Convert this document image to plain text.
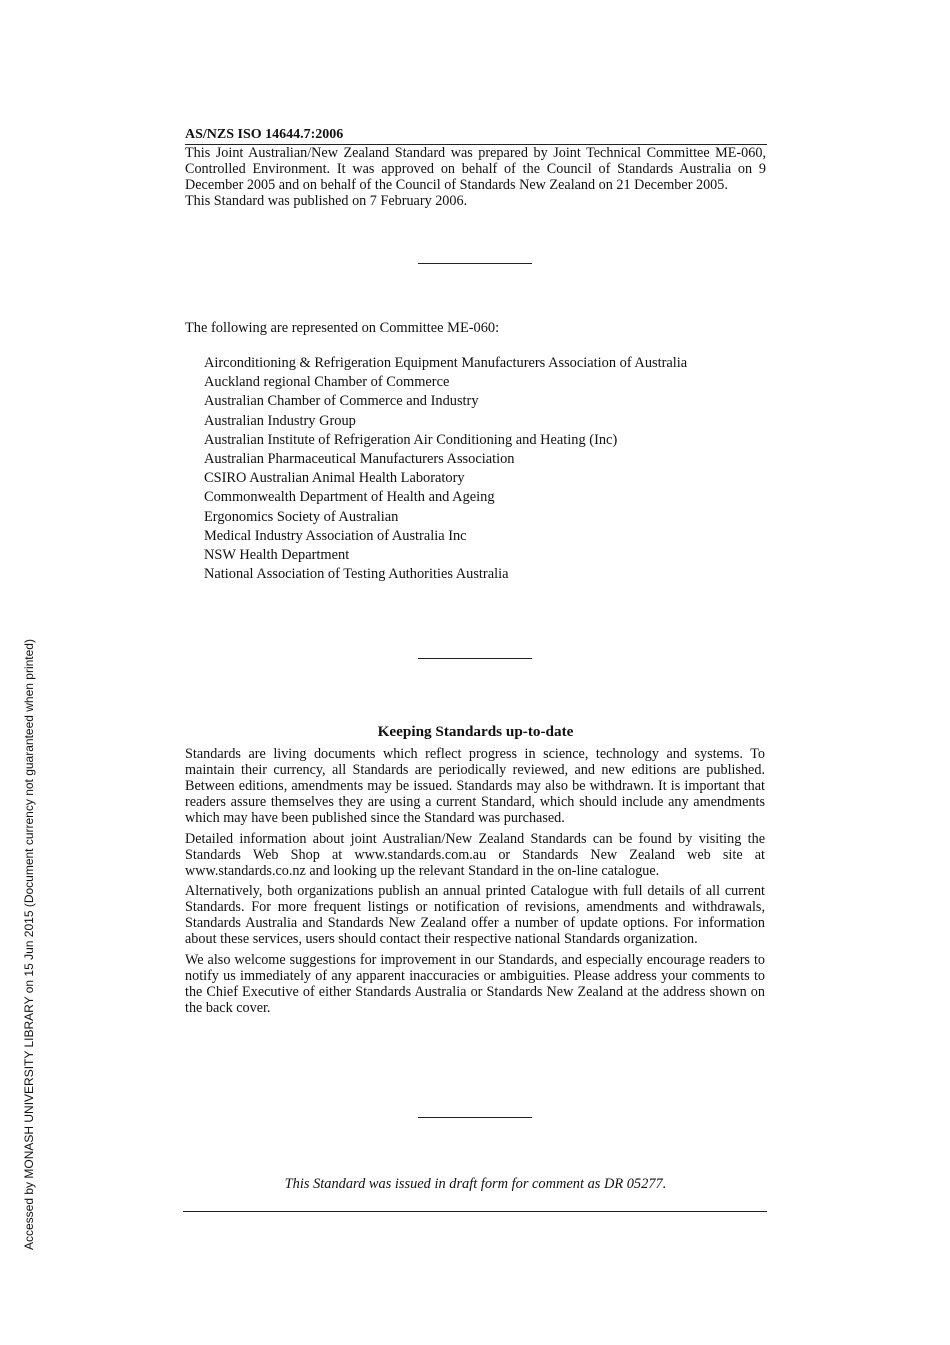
AS/NZS ISO 14644.7:2006

This Joint Australian/New Zealand Standard was prepared by Joint Technical Committee ME-060, Controlled Environment. It was approved on behalf of the Council of Standards Australia on 9 December 2005 and on behalf of the Council of Standards New Zealand on 21 December 2005.

This Standard was published on 7 February 2006.

The following are represented on Committee ME-060:

Airconditioning & Refrigeration Equipment Manufacturers Association of Australia
Auckland regional Chamber of Commerce
Australian Chamber of Commerce and Industry
Australian Industry Group
Australian Institute of Refrigeration Air Conditioning and Heating (Inc)
Australian Pharmaceutical Manufacturers Association
CSIRO Australian Animal Health Laboratory
Commonwealth Department of Health and Ageing
Ergonomics Society of Australian
Medical Industry Association of Australia Inc
NSW Health Department
National Association of Testing Authorities Australia
Keeping Standards up-to-date

Standards are living documents which reflect progress in science, technology and systems. To maintain their currency, all Standards are periodically reviewed, and new editions are published. Between editions, amendments may be issued. Standards may also be withdrawn. It is important that readers assure themselves they are using a current Standard, which should include any amendments which may have been published since the Standard was purchased.

Detailed information about joint Australian/New Zealand Standards can be found by visiting the Standards Web Shop at www.standards.com.au or Standards New Zealand web site at www.standards.co.nz and looking up the relevant Standard in the on-line catalogue.

Alternatively, both organizations publish an annual printed Catalogue with full details of all current Standards. For more frequent listings or notification of revisions, amendments and withdrawals, Standards Australia and Standards New Zealand offer a number of update options. For information about these services, users should contact their respective national Standards organization.

We also welcome suggestions for improvement in our Standards, and especially encourage readers to notify us immediately of any apparent inaccuracies or ambiguities. Please address your comments to the Chief Executive of either Standards Australia or Standards New Zealand at the address shown on the back cover.

This Standard was issued in draft form for comment as DR 05277.

Accessed by MONASH UNIVERSITY LIBRARY on 15 Jun 2015 (Document currency not guaranteed when printed)
